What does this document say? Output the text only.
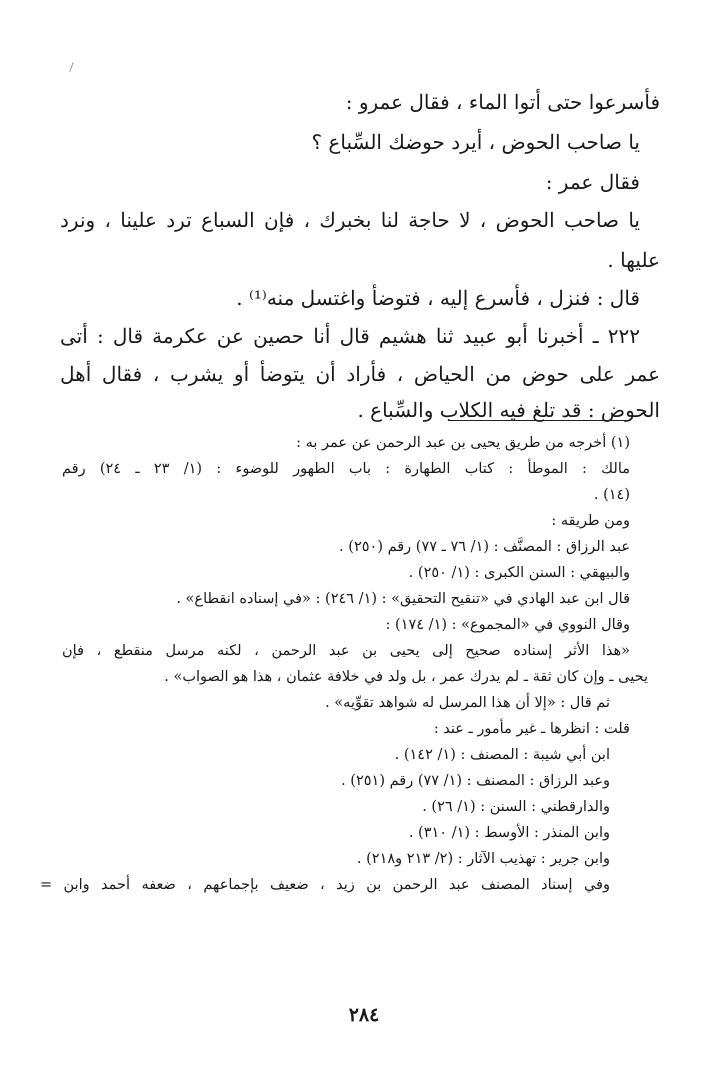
فأسرعوا حتى أتوا الماء ، فقال عمرو :
يا صاحب الحوض ، أيرد حوضك السِّباع ؟
فقال عمر :
يا صاحب الحوض ، لا حاجة لنا بخبرك ، فإن السباع ترد علينا ، ونرد
عليها .
قال : فنزل ، فأسرع إليه ، فتوضأ واغتسل منه⁽¹⁾ .
٢٢٢ ـ أخبرنا أبو عبيد ثنا هشيم قال أنا حصين عن عكرمة قال : أتى
عمر على حوض من الحياض ، فأراد أن يتوضأ أو يشرب ، فقال أهل
الحوض : قد تلغ فيه الكلاب والسِّباع .
(١) أخرجه من طريق يحيى بن عبد الرحمن عن عمر به :
مالك : الموطأ : كتاب الطهارة : باب الطهور للوضوء : (١/ ٢٣ ـ ٢٤) رقم
(١٤) .
ومن طريقه :
عبد الرزاق : المصنَّف : (١/ ٧٦ ـ ٧٧) رقم (٢٥٠) .
والبيهقي : السنن الكبرى : (١/ ٢٥٠) .
قال ابن عبد الهادي في «تنقيح التحقيق» : (١/ ٢٤٦) : «في إسناده انقطاع» .
وقال النووي في «المجموع» : (١/ ١٧٤) :
«هذا الأثر إسناده صحيح إلى يحيى بن عبد الرحمن ، لكنه مرسل منقطع ، فإن
يحيى ـ وإن كان ثقة ـ لم يدرك عمر ، بل ولد في خلافة عثمان ، هذا هو الصواب» .
ثم قال : «إلا أن هذا المرسل له شواهد تقوِّيه» .
قلت : انظرها ـ غير مأمور ـ عند :
ابن أبي شيبة : المصنف : (١/ ١٤٢) .
وعبد الرزاق : المصنف : (١/ ٧٧) رقم (٢٥١) .
والدارقطني : السنن : (١/ ٢٦) .
وابن المنذر : الأوسط : (١/ ٣١٠) .
وابن جرير : تهذيب الآثار : (٢/ ٢١٣ و٢١٨) .
وفي إسناد المصنف عبد الرحمن بن زيد ، ضعيف بإجماعهم ، ضعفه أحمد وابن =
٢٨٤
